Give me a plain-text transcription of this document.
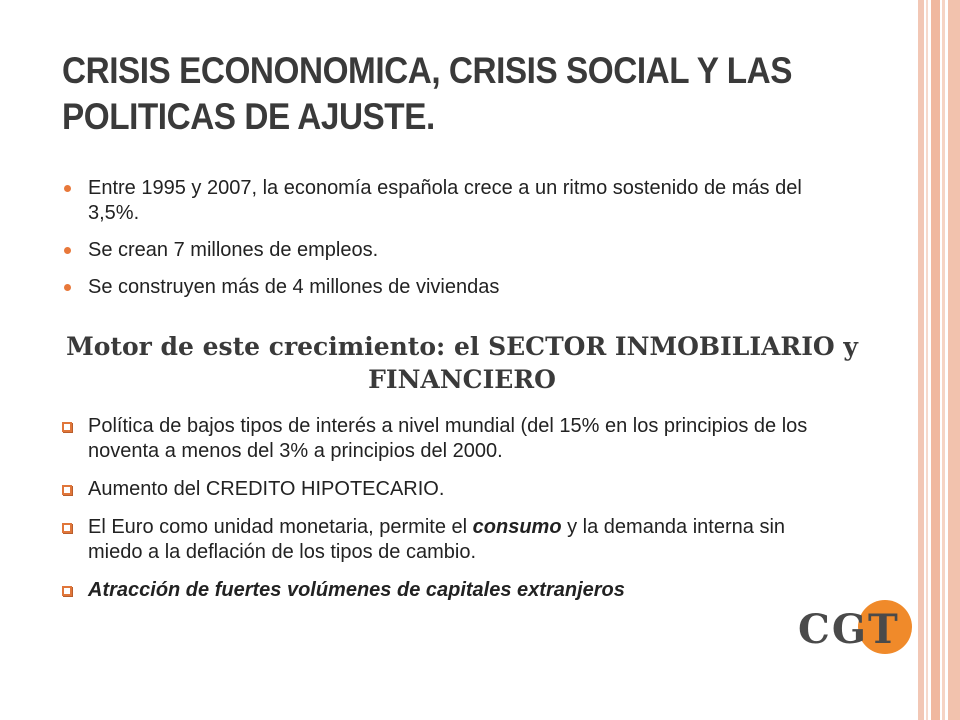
CRISIS ECONONOMICA, CRISIS SOCIAL Y LAS POLITICAS DE AJUSTE.
Entre 1995 y 2007, la economía española crece a un ritmo sostenido de más del 3,5%.
Se crean 7 millones de empleos.
Se construyen más de 4 millones de viviendas
Motor de este crecimiento: el SECTOR INMOBILIARIO y FINANCIERO
Política de bajos tipos de interés a nivel mundial (del 15% en los principios de los noventa a menos del 3% a principios del 2000.
Aumento del CREDITO HIPOTECARIO.
El Euro como unidad monetaria, permite el consumo y la demanda interna sin miedo a la deflación de los tipos de cambio.
Atracción de fuertes volúmenes de capitales extranjeros
CGT
